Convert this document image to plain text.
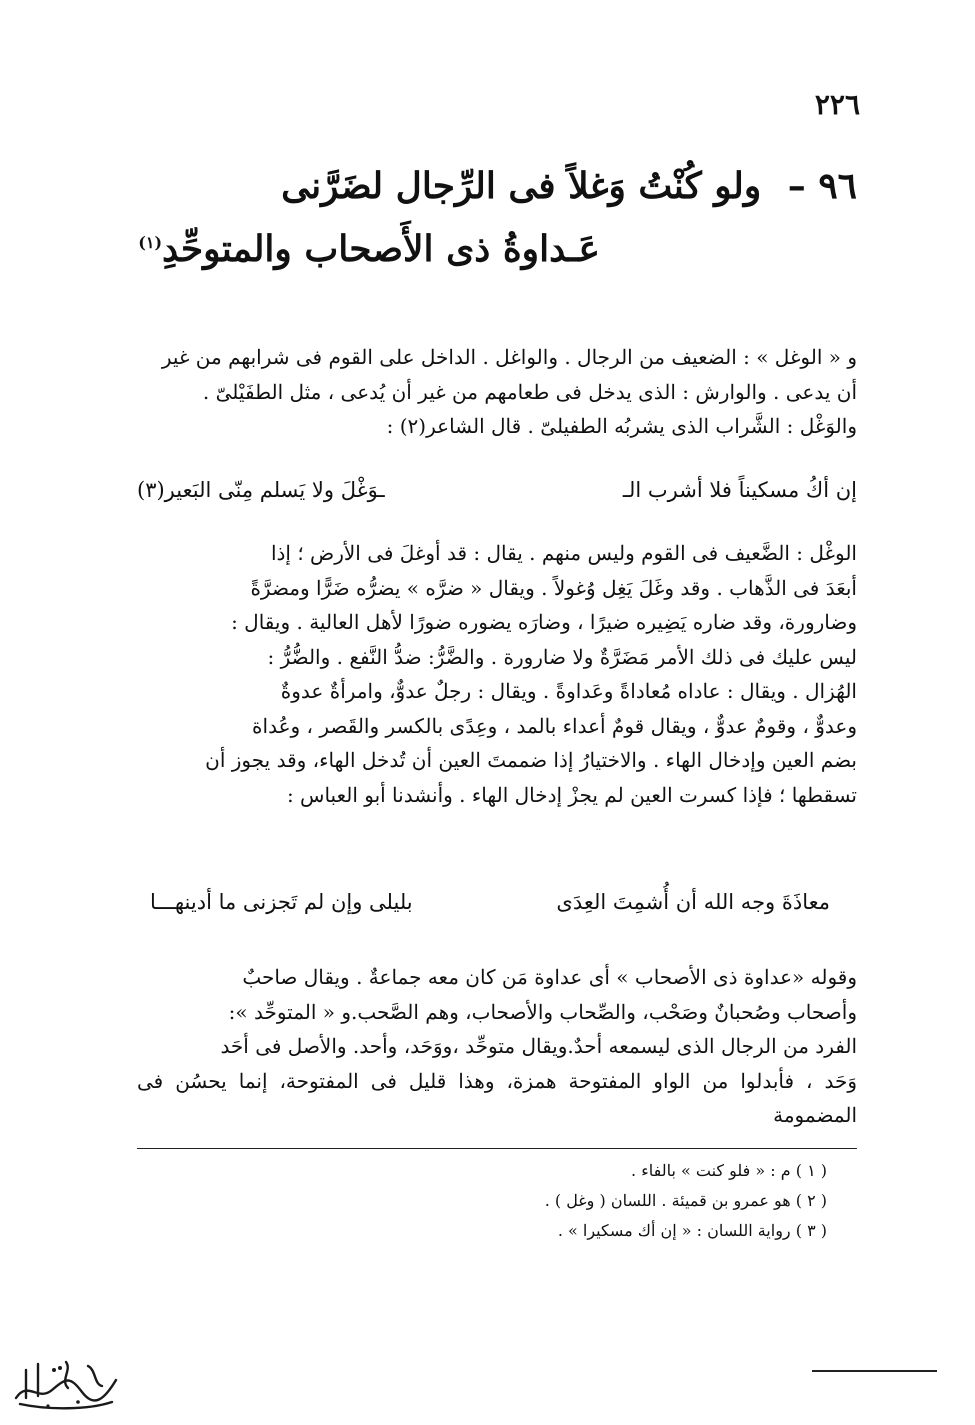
٢٢٦
٩٦ – ولو كُنْتُ وَغلاً فى الرِّجال لضَرَّنى
عَـداوةُ ذى الأَصحاب والمتوحِّدِ$^{(١)}$

و « الوغل » : الضعيف من الرجال . والواغل . الداخل على القوم فى شرابهم من غير

أن يدعى . والوارش : الذى يدخل فى طعامهم من غير أن يُدعى ، مثل الطفَيْلىّ .

والوَغْل : الشَّراب الذى يشربُه الطفيلىّ . قال الشاعر(٢) :

إن أكُ مسكيناً فلا أشرب الـ
ـوَغْلَ ولا يَسلم مِنّى البَعير(٣)

الوغْل : الضَّعيف فى القوم وليس منهم . يقال : قد أوغلَ فى الأرض ؛ إذا

أبعَدَ فى الذَّهاب . وقد وغَلَ يَغِل وُغولاً . ويقال « ضرَّه » يضرُّه ضَرًّا ومضرَّةً

وضارورة، وقد ضاره يَضِيره ضيرًا ، وضارَه يضوره ضورًا لأهل العالية . ويقال :

ليس عليك فى ذلك الأمر مَضَرَّةٌ ولا ضارورة . والضَّرُّ: ضدُّ النَّفع . والضُّرُّ :

الهُزال . ويقال : عاداه مُعاداةً وعَداوةً . ويقال : رجلٌ عدوٌّ، وامرأةٌ عدوةٌ

وعدوٌّ ، وقومٌ عدوٌّ ، ويقال قومٌ أعداء بالمد ، وعِدًى بالكسر والقَصر ، وعُداة

بضم العين وإدخال الهاء . والاختيارُ إذا ضممتَ العين أن تُدخل الهاء، وقد يجوز أن

تسقطها ؛ فإذا كسرت العين لم يجزْ إدخال الهاء . وأنشدنا أبو العباس :

معاذَةَ وجه الله أن أُشمِتَ العِدَى
بليلى وإن لم تَجزنى ما أدينهـــا

وقوله «عداوة ذى الأصحاب » أى عداوة مَن كان معه جماعةٌ . ويقال صاحبٌ

وأصحاب وصُحبانٌ وصَحْب، والصِّحاب والأصحاب، وهم الصَّحب.و « المتوحِّد »:

الفرد من الرجال الذى ليسمعه أحدٌ.ويقال متوحِّد ،ووَحَد، وأحد. والأصل فى أحَد

وَحَد ، فأبدلوا من الواو المفتوحة همزة، وهذا قليل فى المفتوحة، إنما يحسُن فى المضمومة

( ١ ) م : « فلو كنت » بالفاء .
( ٢ ) هو عمرو بن قميئة . اللسان ( وغل ) .
( ٣ ) رواية اللسان : « إن أك مسكيرا » .
